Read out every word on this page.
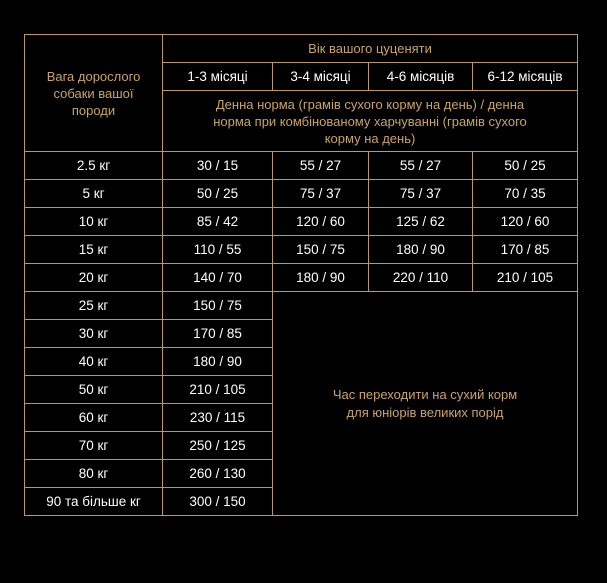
Вага дорослого собаки вашої породи	Вік вашого цуценяти			
	1-3 місяці	3-4 місяці	4-6 місяців	6-12 місяців
	Денна норма (грамів сухого корму на день) / денна норма при комбінованому харчуванні (грамів сухого корму на день)			
2.5 кг	30 / 15	55 / 27	55 / 27	50 / 25
5 кг	50 / 25	75 / 37	75 / 37	70 / 35
10 кг	85 / 42	120 / 60	125 / 62	120 / 60
15 кг	110 / 55	150 / 75	180 / 90	170 / 85
20 кг	140 / 70	180 / 90	220 / 110	210 / 105
25 кг	150 / 75	Час переходити на сухий корм для юніорів великих порід		
30 кг	170 / 85			
40 кг	180 / 90			
50 кг	210 / 105			
60 кг	230 / 115			
70 кг	250 / 125			
80 кг	260 / 130			
90 та більше кг	300 / 150			
